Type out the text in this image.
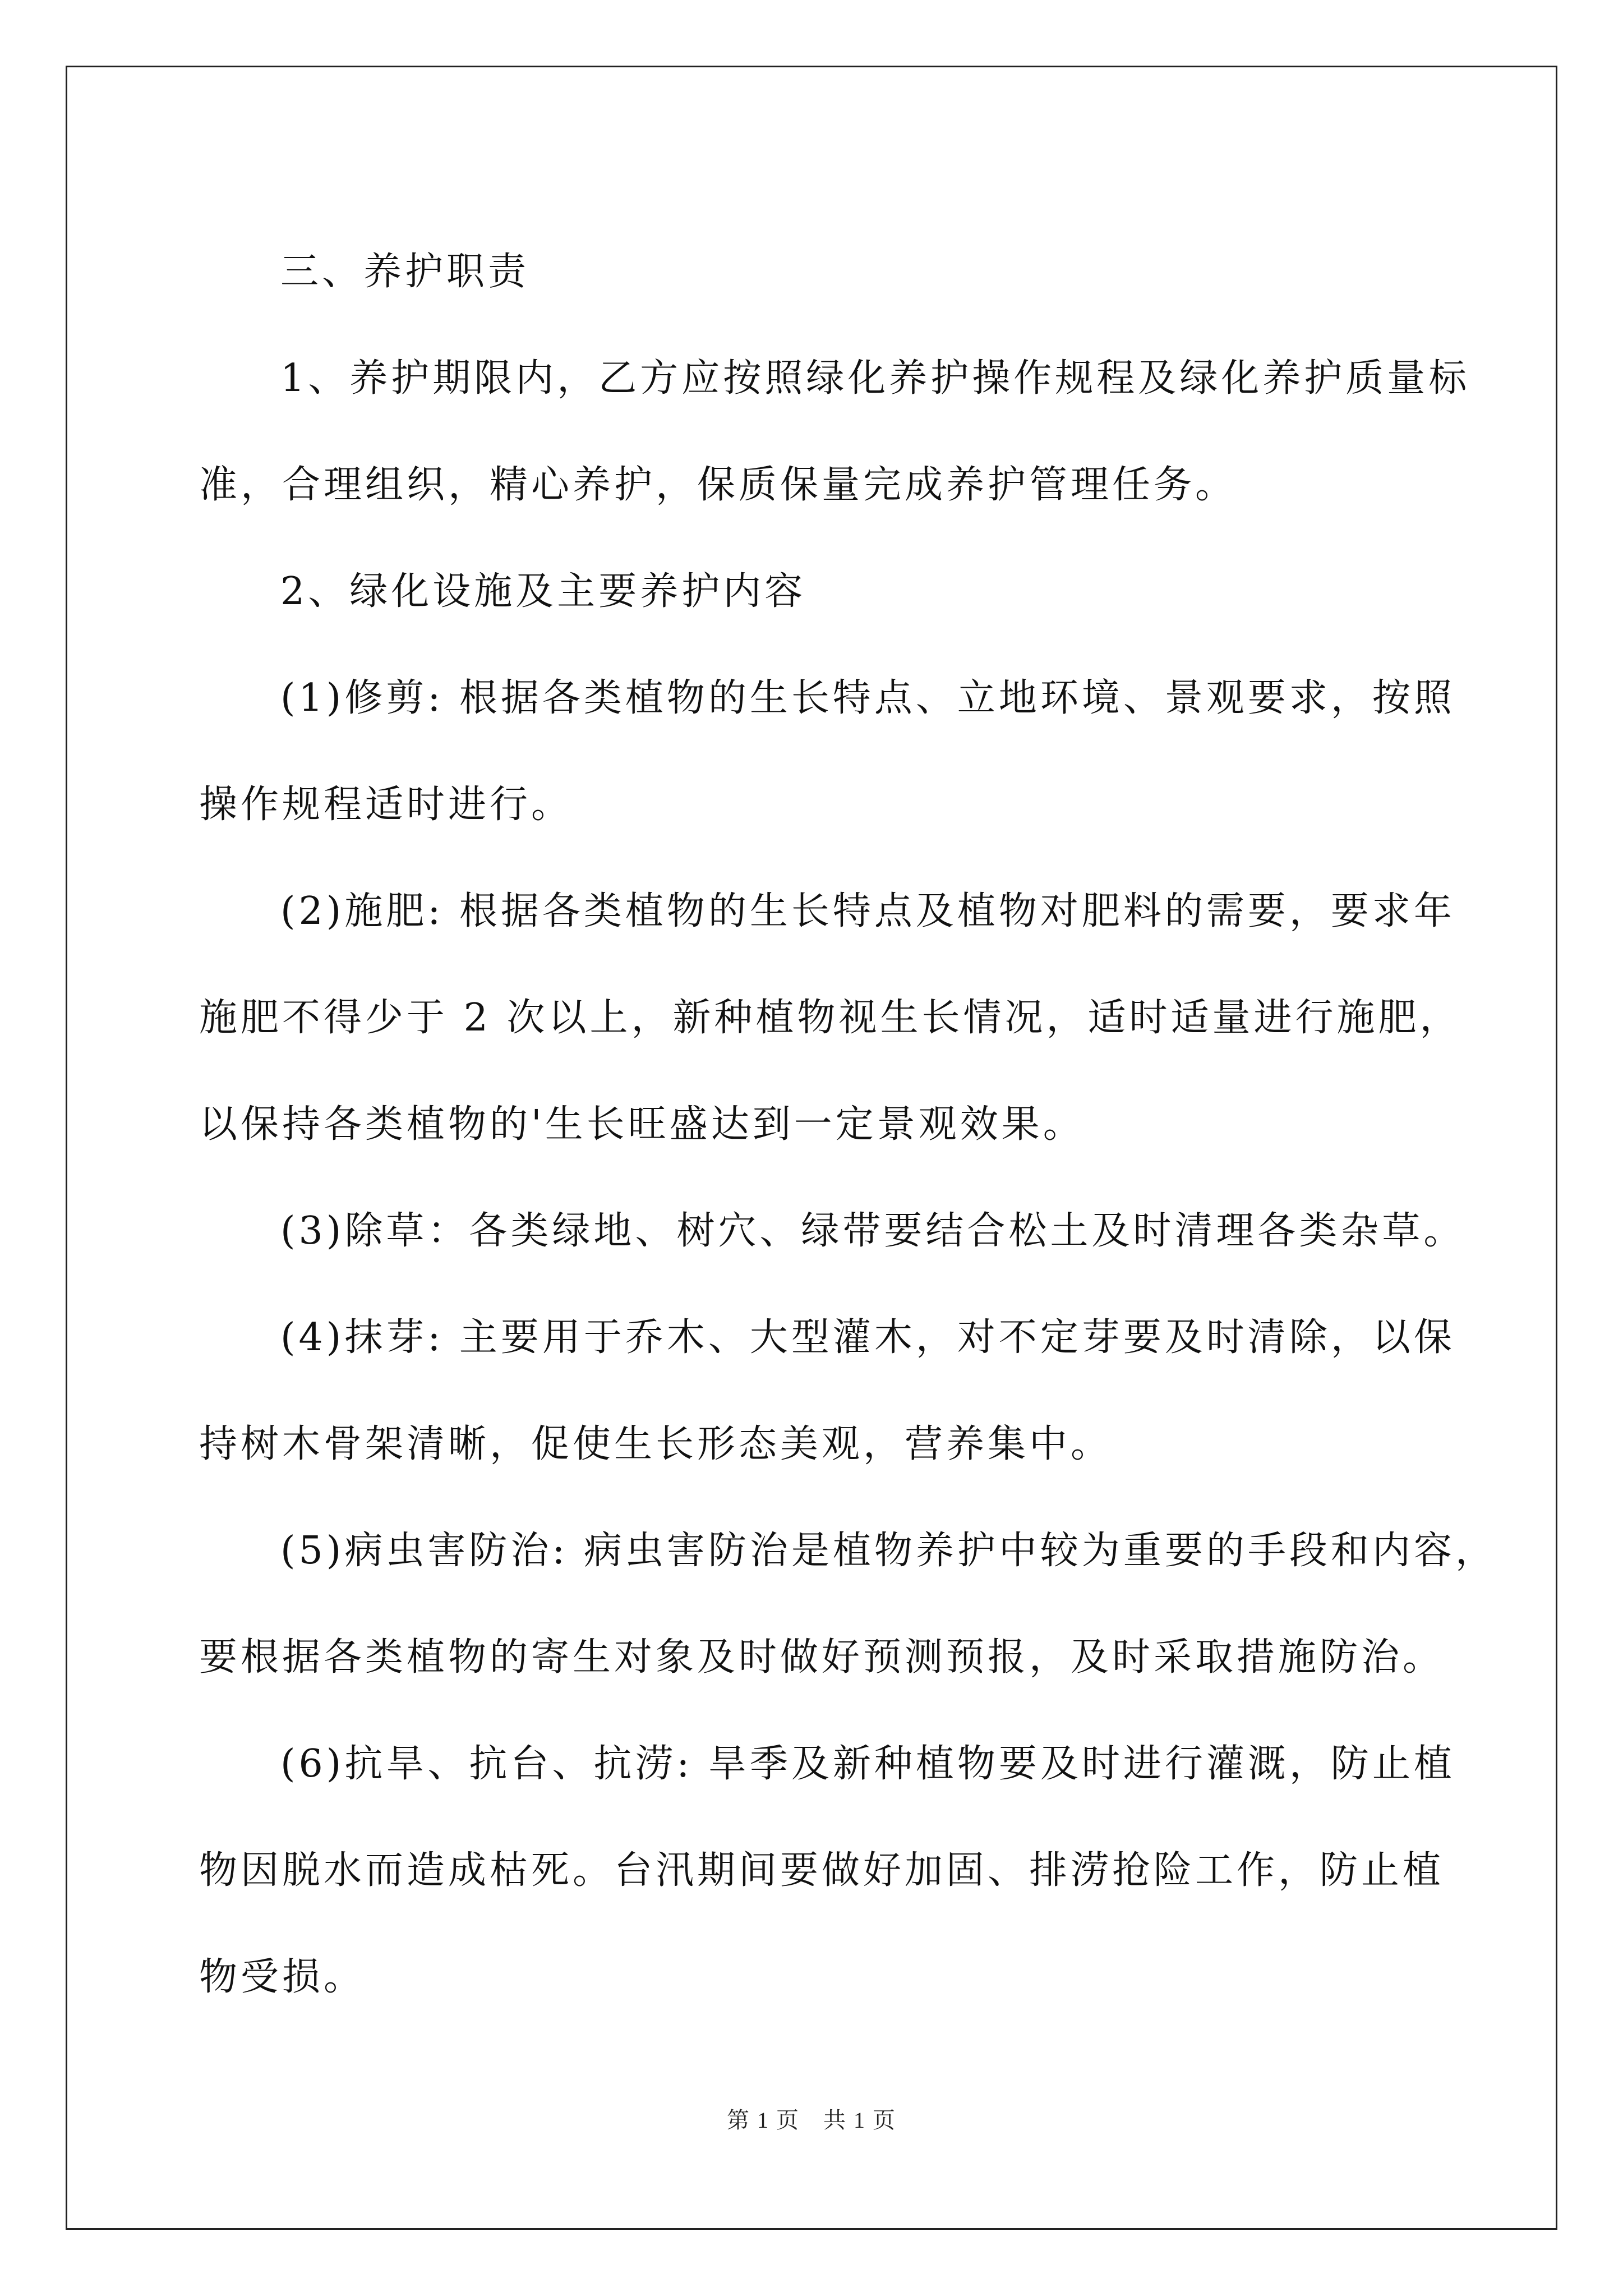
三、养护职责

1、养护期限内，乙方应按照绿化养护操作规程及绿化养护质量标
准，合理组织，精心养护，保质保量完成养护管理任务。

2、绿化设施及主要养护内容

(1)修剪: 根据各类植物的生长特点、立地环境、景观要求，按照
操作规程适时进行。

(2)施肥: 根据各类植物的生长特点及植物对肥料的需要，要求年
施肥不得少于 2 次以上，新种植物视生长情况，适时适量进行施肥，
以保持各类植物的'生长旺盛达到一定景观效果。

(3)除草：各类绿地、树穴、绿带要结合松土及时清理各类杂草。

(4)抹芽: 主要用于乔木、大型灌木，对不定芽要及时清除，以保
持树木骨架清晰，促使生长形态美观，营养集中。

(5)病虫害防治: 病虫害防治是植物养护中较为重要的手段和内容，
要根据各类植物的寄生对象及时做好预测预报，及时采取措施防治。

(6)抗旱、抗台、抗涝: 旱季及新种植物要及时进行灌溉，防止植
物因脱水而造成枯死。台汛期间要做好加固、排涝抢险工作，防止植
物受损。

第 1 页　共 1 页
